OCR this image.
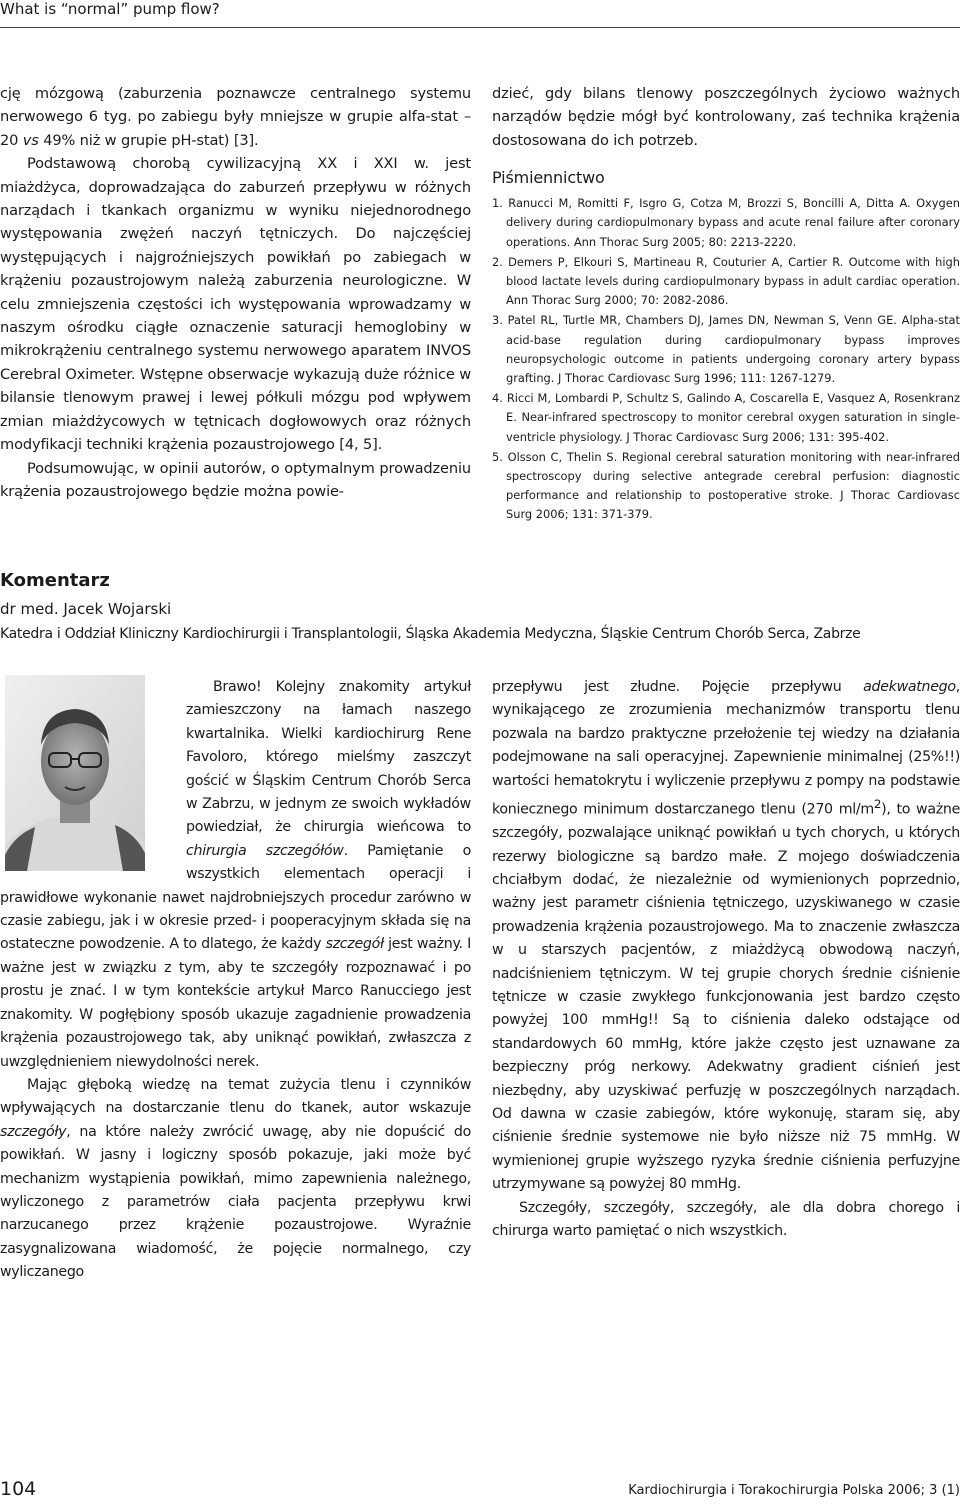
What is “normal” pump flow?

cję mózgową (zaburzenia poznawcze centralnego systemu nerwowego 6 tyg. po zabiegu były mniejsze w grupie alfa-stat – 20 vs 49% niż w grupie pH-stat) [3].

Podstawową chorobą cywilizacyjną XX i XXI w. jest miażdżyca, doprowadzająca do zaburzeń przepływu w różnych narządach i tkankach organizmu w wyniku niejednorodnego występowania zwężeń naczyń tętniczych. Do najczęściej występujących i najgroźniejszych powikłań po zabiegach w krążeniu pozaustrojowym należą zaburzenia neurologiczne. W celu zmniejszenia częstości ich występowania wprowadzamy w naszym ośrodku ciągłe oznaczenie saturacji hemoglobiny w mikrokrążeniu centralnego systemu nerwowego aparatem INVOS Cerebral Oximeter. Wstępne obserwacje wykazują duże różnice w bilansie tlenowym prawej i lewej półkuli mózgu pod wpływem zmian miażdżycowych w tętnicach dogłowowych oraz różnych modyfikacji techniki krążenia pozaustrojowego [4, 5].

Podsumowując, w opinii autorów, o optymalnym prowadzeniu krążenia pozaustrojowego będzie można powie-

dzieć, gdy bilans tlenowy poszczególnych życiowo ważnych narządów będzie mógł być kontrolowany, zaś technika krążenia dostosowana do ich potrzeb.

Piśmiennictwo
1. Ranucci M, Romitti F, Isgro G, Cotza M, Brozzi S, Boncilli A, Ditta A. Oxygen delivery during cardiopulmonary bypass and acute renal failure after coronary operations. Ann Thorac Surg 2005; 80: 2213-2220.
2. Demers P, Elkouri S, Martineau R, Couturier A, Cartier R. Outcome with high blood lactate levels during cardiopulmonary bypass in adult cardiac operation. Ann Thorac Surg 2000; 70: 2082-2086.
3. Patel RL, Turtle MR, Chambers DJ, James DN, Newman S, Venn GE. Alpha-stat acid-base regulation during cardiopulmonary bypass improves neuropsychologic outcome in patients undergoing coronary artery bypass grafting. J Thorac Cardiovasc Surg 1996; 111: 1267-1279.
4. Ricci M, Lombardi P, Schultz S, Galindo A, Coscarella E, Vasquez A, Rosenkranz E. Near-infrared spectroscopy to monitor cerebral oxygen saturation in single-ventricle physiology. J Thorac Cardiovasc Surg 2006; 131: 395-402.
5. Olsson C, Thelin S. Regional cerebral saturation monitoring with near-infrared spectroscopy during selective antegrade cerebral perfusion: diagnostic performance and relationship to postoperative stroke. J Thorac Cardiovasc Surg 2006; 131: 371-379.
Komentarz
dr med. Jacek Wojarski
Katedra i Oddział Kliniczny Kardiochirurgii i Transplantologii, Śląska Akademia Medyczna, Śląskie Centrum Chorób Serca, Zabrze

Brawo! Kolejny znakomity artykuł zamieszczony na łamach naszego kwartalnika. Wielki kardiochirurg Rene Favoloro, którego mielśmy zaszczyt gościć w Śląskim Centrum Chorób Serca w Zabrzu, w jednym ze swoich wykładów powiedział, że chirurgia wieńcowa to chirurgia szczegółów. Pamiętanie o wszystkich elementach operacji i prawidłowe wykonanie nawet najdrobniejszych procedur zarówno w czasie zabiegu, jak i w okresie przed- i pooperacyjnym składa się na ostateczne powodzenie. A to dlatego, że każdy szczegół jest ważny. I ważne jest w związku z tym, aby te szczegóły rozpoznawać i po prostu je znać. I w tym kontekście artykuł Marco Ranucciego jest znakomity. W pogłębiony sposób ukazuje zagadnienie prowadzenia krążenia pozaustrojowego tak, aby uniknąć powikłań, zwłaszcza z uwzględnieniem niewydolności nerek.

Mając głęboką wiedzę na temat zużycia tlenu i czynników wpływających na dostarczanie tlenu do tkanek, autor wskazuje szczegóły, na które należy zwrócić uwagę, aby nie dopuścić do powikłań. W jasny i logiczny sposób pokazuje, jaki może być mechanizm wystąpienia powikłań, mimo zapewnienia należnego, wyliczonego z parametrów ciała pacjenta przepływu krwi narzucanego przez krążenie pozaustrojowe. Wyraźnie zasygnalizowana wiadomość, że pojęcie normalnego, czy wyliczanego

przepływu jest złudne. Pojęcie przepływu adekwatnego, wynikającego ze zrozumienia mechanizmów transportu tlenu pozwala na bardzo praktyczne przełożenie tej wiedzy na działania podejmowane na sali operacyjnej. Zapewnienie minimalnej (25%!!) wartości hematokrytu i wyliczenie przepływu z pompy na podstawie koniecznego minimum dostarczanego tlenu (270 $ml/m^2$), to ważne szczegóły, pozwalające uniknąć powikłań u tych chorych, u których rezerwy biologiczne są bardzo małe. Z mojego doświadczenia chciałbym dodać, że niezależnie od wymienionych poprzednio, ważny jest parametr ciśnienia tętniczego, uzyskiwanego w czasie prowadzenia krążenia pozaustrojowego. Ma to znaczenie zwłaszcza w u starszych pacjentów, z miażdżycą obwodową naczyń, nadciśnieniem tętniczym. W tej grupie chorych średnie ciśnienie tętnicze w czasie zwykłego funkcjonowania jest bardzo często powyżej 100 mmHg!! Są to ciśnienia daleko odstające od standardowych 60 mmHg, które jakże często jest uznawane za bezpieczny próg nerkowy. Adekwatny gradient ciśnień jest niezbędny, aby uzyskiwać perfuzję w poszczególnych narządach. Od dawna w czasie zabiegów, które wykonuję, staram się, aby ciśnienie średnie systemowe nie było niższe niż 75 mmHg. W wymienionej grupie wyższego ryzyka średnie ciśnienia perfuzyjne utrzymywane są powyżej 80 mmHg.

Szczegóły, szczegóły, szczegóły, ale dla dobra chorego i chirurga warto pamiętać o nich wszystkich.

104	Kardiochirurgia i Torakochirurgia Polska 2006; 3 (1)
